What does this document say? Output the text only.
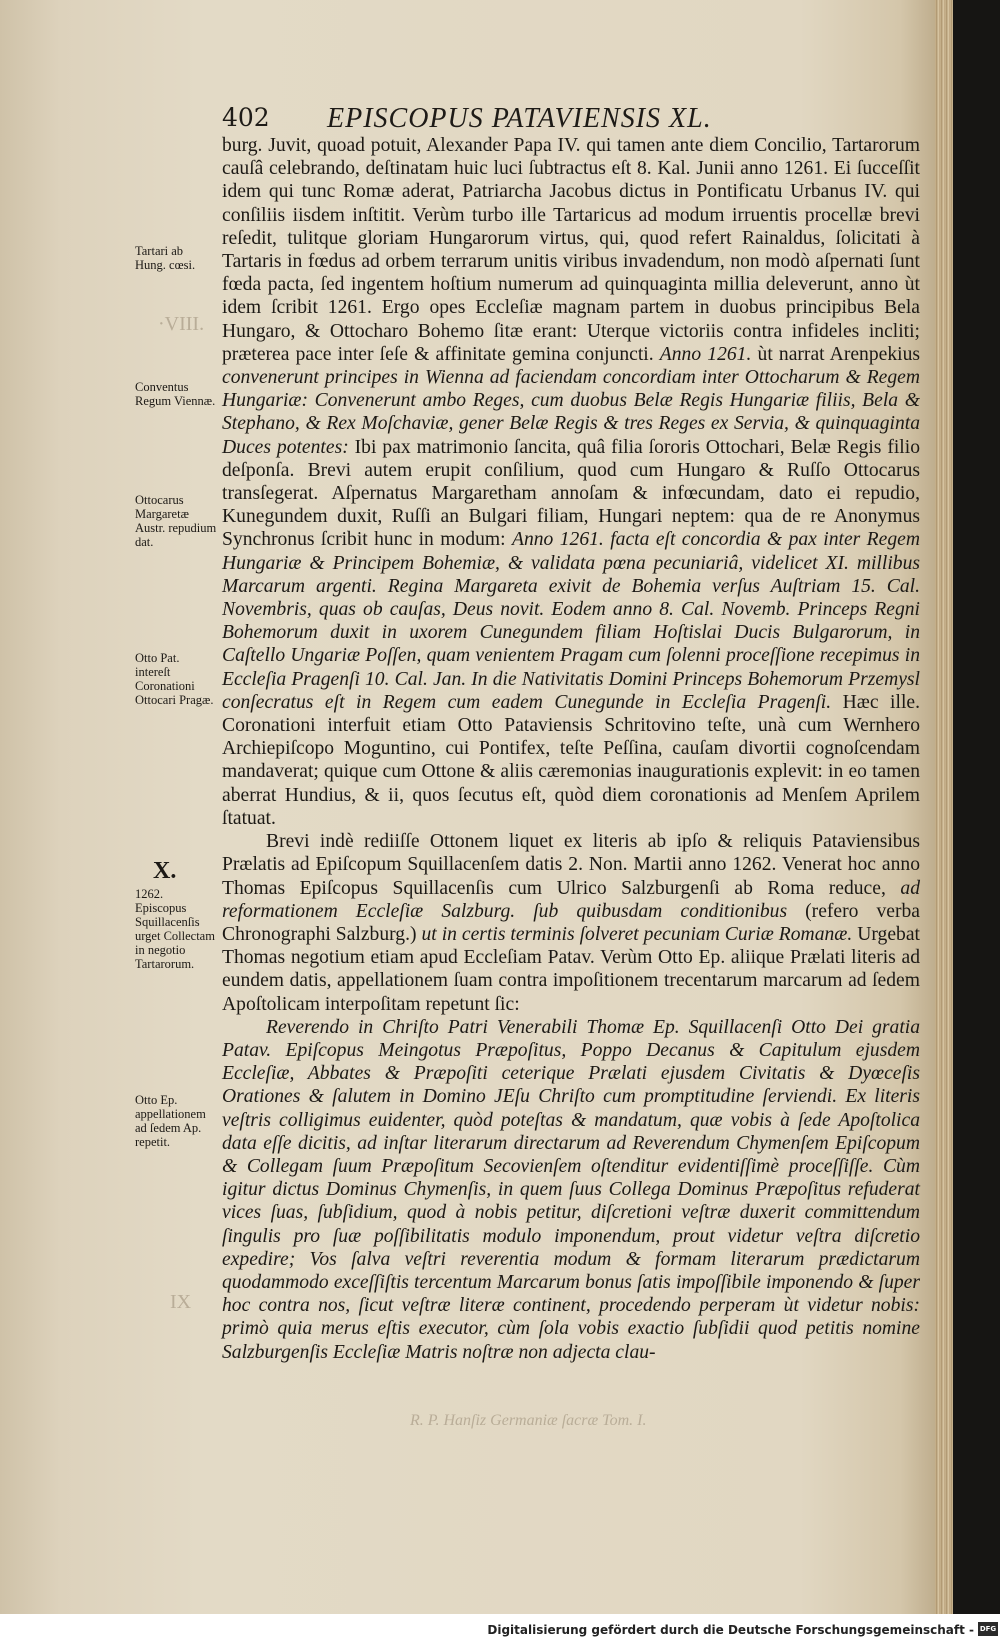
402 EPISCOPUS PATAVIENSIS XL.
Tartari ab Hung. cœsi.
Conventus Regum Viennæ.
Ottocarus Margaretæ Austr. repudium dat.
Otto Pat. intereſt Coronationi Ottocari Pragæ.
X.
1262. Episcopus Squillacenſis urget Collectam in negotio Tartarorum.
Otto Ep. appellationem ad ſedem Ap. repetit.
·VIII.
IX

burg. Juvit, quoad potuit, Alexander Papa IV. qui tamen ante diem Concilio, Tartarorum cauſâ celebrando, deſtinatam huic luci ſubtractus eſt 8. Kal. Junii anno 1261. Ei ſucceſſit idem qui tunc Romæ aderat, Patriarcha Jacobus dictus in Pontificatu Urbanus IV. qui conſiliis iisdem inſtitit. Verùm turbo ille Tartaricus ad modum irruentis procellæ brevi reſedit, tulitque gloriam Hungarorum virtus, qui, quod refert Rainaldus, ſolicitati à Tartaris in fœdus ad orbem terrarum unitis viribus invadendum, non modò aſpernati ſunt fœda pacta, ſed ingentem hoſtium numerum ad quinquaginta millia deleverunt, anno ùt idem ſcribit 1261. Ergo opes Eccleſiæ magnam partem in duobus principibus Bela Hungaro, & Ottocharo Bohemo ſitæ erant: Uterque victoriis contra infideles incliti; præterea pace inter ſeſe & affinitate gemina conjuncti. Anno 1261. ùt narrat Arenpekius convenerunt principes in Wienna ad faciendam concordiam inter Ottocharum & Regem Hungariæ: Convenerunt ambo Reges, cum duobus Belæ Regis Hungariæ filiis, Bela & Stephano, & Rex Moſchaviæ, gener Belæ Regis & tres Reges ex Servia, & quinquaginta Duces potentes: Ibi pax matrimonio ſancita, quâ filia ſororis Ottochari, Belæ Regis filio deſponſa. Brevi autem erupit conſilium, quod cum Hungaro & Ruſſo Ottocarus transſegerat. Aſpernatus Margaretham annoſam & infœcundam, dato ei repudio, Kunegundem duxit, Ruſſi an Bulgari filiam, Hungari neptem: qua de re Anonymus Synchronus ſcribit hunc in modum: Anno 1261. facta eſt concordia & pax inter Regem Hungariæ & Principem Bohemiæ, & validata pœna pecuniariâ, videlicet XI. millibus Marcarum argenti. Regina Margareta exivit de Bohemia verſus Auſtriam 15. Cal. Novembris, quas ob cauſas, Deus novit. Eodem anno 8. Cal. Novemb. Princeps Regni Bohemorum duxit in uxorem Cunegundem filiam Hoſtislai Ducis Bulgarorum, in Caſtello Ungariæ Poſſen, quam venientem Pragam cum ſolenni proceſſione recepimus in Eccleſia Pragenſi 10. Cal. Jan. In die Nativitatis Domini Princeps Bohemorum Przemysl conſecratus eſt in Regem cum eadem Cunegunde in Eccleſia Pragenſi. Hæc ille. Coronationi interfuit etiam Otto Pataviensis Schritovino teſte, unà cum Wernhero Archiepiſcopo Moguntino, cui Pontifex, teſte Peſſina, cauſam divortii cognoſcendam mandaverat; quique cum Ottone & aliis cæremonias inaugurationis explevit: in eo tamen aberrat Hundius, & ii, quos ſecutus eſt, quòd diem coronationis ad Menſem Aprilem ſtatuat.

Brevi indè rediiſſe Ottonem liquet ex literis ab ipſo & reliquis Pataviensibus Prælatis ad Epiſcopum Squillacenſem datis 2. Non. Martii anno 1262. Venerat hoc anno Thomas Epiſcopus Squillacenſis cum Ulrico Salzburgenſi ab Roma reduce, ad reformationem Eccleſiæ Salzburg. ſub quibusdam conditionibus (refero verba Chronographi Salzburg.) ut in certis terminis ſolveret pecuniam Curiæ Romanæ. Urgebat Thomas negotium etiam apud Eccleſiam Patav. Verùm Otto Ep. aliique Prælati literis ad eundem datis, appellationem ſuam contra impoſitionem trecentarum marcarum ad ſedem Apoſtolicam interpoſitam repetunt ſic:

Reverendo in Chriſto Patri Venerabili Thomæ Ep. Squillacenſi Otto Dei gratia Patav. Epiſcopus Meingotus Præpoſitus, Poppo Decanus & Capitulum ejusdem Eccleſiæ, Abbates & Præpoſiti ceterique Prælati ejusdem Civitatis & Dyœceſis Orationes & ſalutem in Domino JEſu Chriſto cum promptitudine ſerviendi. Ex literis veſtris colligimus euidenter, quòd poteſtas & mandatum, quæ vobis à ſede Apoſtolica data eſſe dicitis, ad inſtar literarum directarum ad Reverendum Chymenſem Epiſcopum & Collegam ſuum Præpoſitum Secovienſem oſtenditur evidentiſſimè proceſſiſſe. Cùm igitur dictus Dominus Chymenſis, in quem ſuus Collega Dominus Præpoſitus refuderat vices ſuas, ſubſidium, quod à nobis petitur, diſcretioni veſtræ duxerit committendum ſingulis pro ſuæ poſſibilitatis modulo imponendum, prout videtur veſtra diſcretio expedire; Vos ſalva veſtri reverentia modum & formam literarum prædictarum quodammodo exceſſiſtis tercentum Marcarum bonus ſatis impoſſibile imponendo & ſuper hoc contra nos, ſicut veſtræ literæ continent, procedendo perperam ùt videtur nobis: primò quia merus eſtis executor, cùm ſola vobis exactio ſubſidii quod petitis nomine Salzburgenſis Eccleſiæ Matris noſtræ non adjecta clau-

R. P. Hanſiz Germaniæ ſacræ Tom. I.
Digitalisierung gefördert durch die Deutsche Forschungsgemeinschaft - DFG
